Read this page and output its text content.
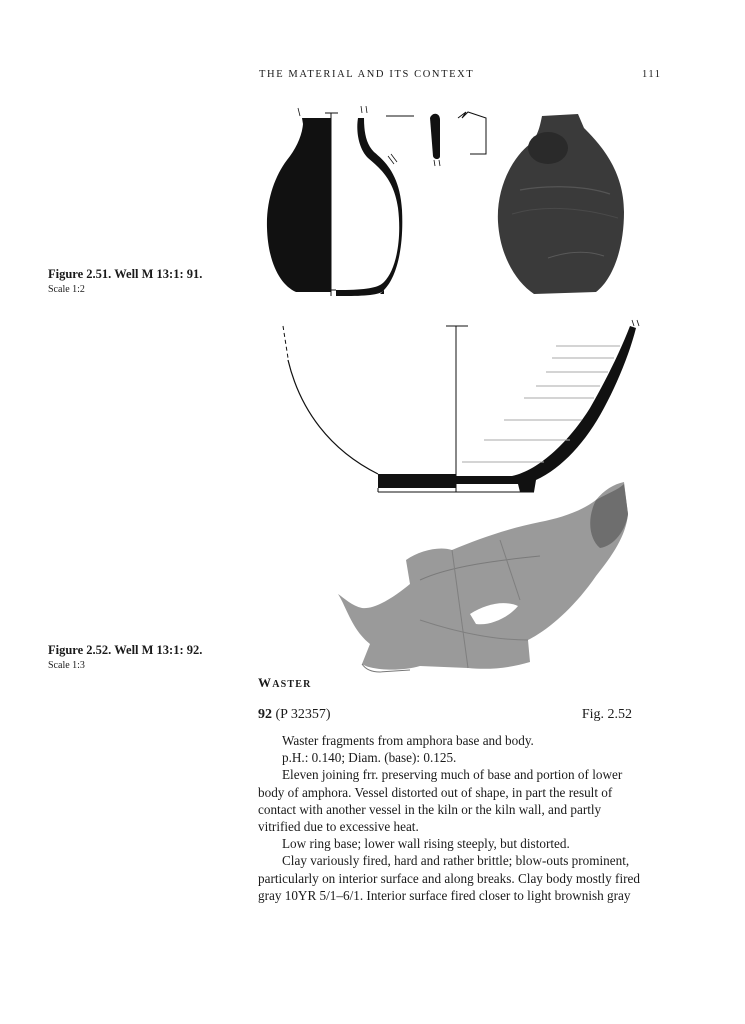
THE MATERIAL AND ITS CONTEXT	111
Figure 2.51. Well M 13:1: 91.
Scale 1:2
Figure 2.52. Well M 13:1: 92.
Scale 1:3
WASTER
92 (P 32357)	Fig. 2.52

Waster fragments from amphora base and body.

p.H.: 0.140; Diam. (base): 0.125.

Eleven joining frr. preserving much of base and portion of lower body of amphora. Vessel distorted out of shape, in part the result of contact with another vessel in the kiln or the kiln wall, and partly vitrified due to excessive heat.

Low ring base; lower wall rising steeply, but distorted.

Clay variously fired, hard and rather brittle; blow-outs prominent, particularly on interior surface and along breaks. Clay body mostly fired gray 10YR 5/1–6/1. Interior surface fired closer to light brownish gray
